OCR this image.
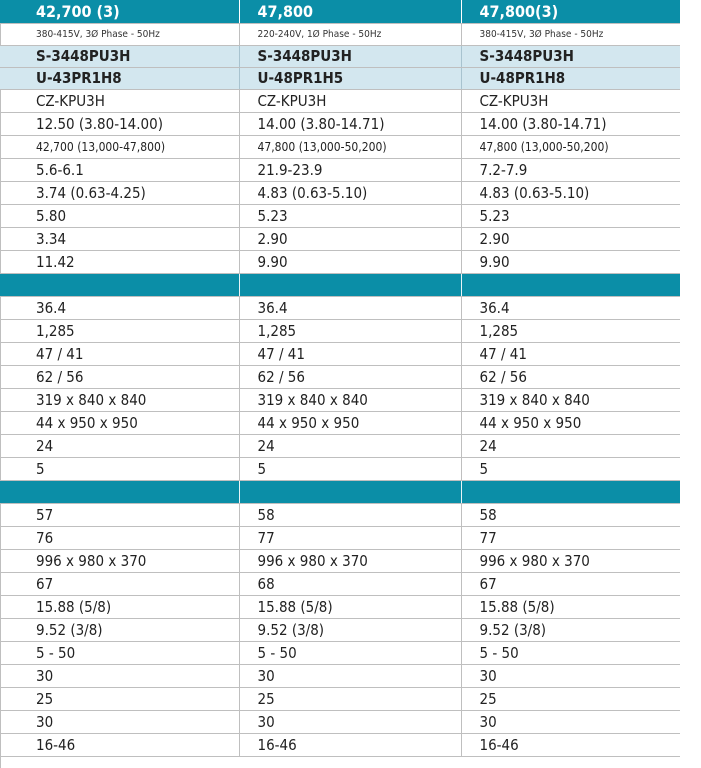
42,700 (3)	47,800	47,800(3)
380-415V, 3Ø Phase - 50Hz	220-240V, 1Ø Phase - 50Hz	380-415V, 3Ø Phase - 50Hz
S-3448PU3H	S-3448PU3H	S-3448PU3H
U-43PR1H8	U-48PR1H5	U-48PR1H8
CZ-KPU3H	CZ-KPU3H	CZ-KPU3H
12.50 (3.80-14.00)	14.00 (3.80-14.71)	14.00 (3.80-14.71)
42,700 (13,000-47,800)	47,800 (13,000-50,200)	47,800 (13,000-50,200)
5.6-6.1	21.9-23.9	7.2-7.9
3.74 (0.63-4.25)	4.83 (0.63-5.10)	4.83 (0.63-5.10)
5.80	5.23	5.23
3.34	2.90	2.90
11.42	9.90	9.90

36.4	36.4	36.4
1,285	1,285	1,285
47 / 41	47 / 41	47 / 41
62 / 56	62 / 56	62 / 56
319 x 840 x 840	319 x 840 x 840	319 x 840 x 840
44 x 950 x 950	44 x 950 x 950	44 x 950 x 950
24	24	24
5	5	5

57	58	58
76	77	77
996 x 980 x 370	996 x 980 x 370	996 x 980 x 370
67	68	67
15.88 (5/8)	15.88 (5/8)	15.88 (5/8)
9.52 (3/8)	9.52 (3/8)	9.52 (3/8)
5 - 50	5 - 50	5 - 50
30	30	30
25	25	25
30	30	30
16-46	16-46	16-46
